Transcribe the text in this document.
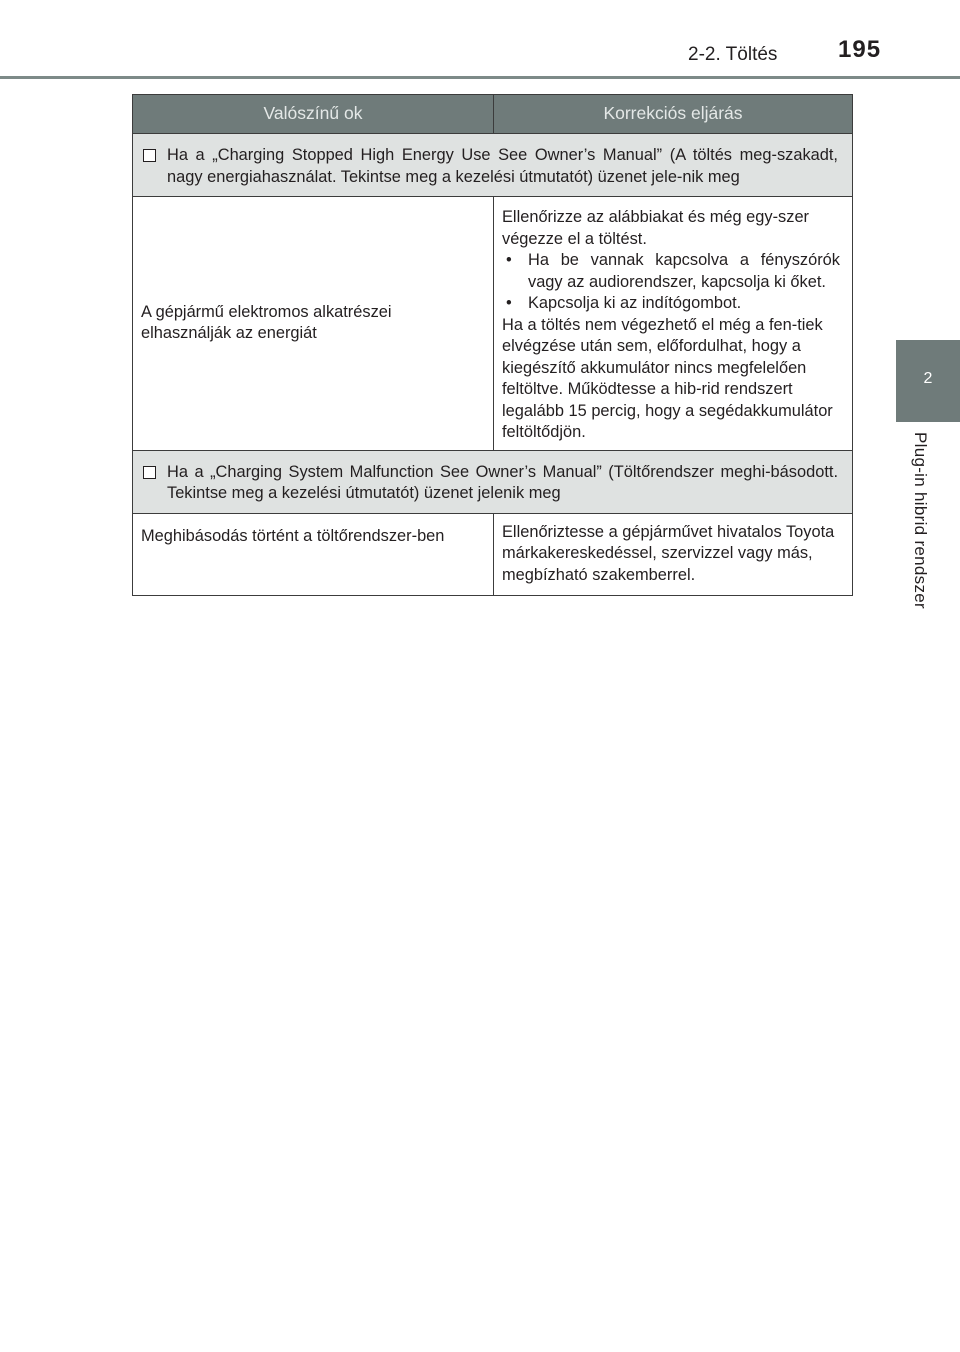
2-2. Töltés	195
2
Plug-in hibrid rendszer
Valószínű ok	Korrekciós eljárás

Ha a „Charging Stopped High Energy Use See Owner’s Manual” (A töltés meg-szakadt, nagy energiahasználat. Tekintse meg a kezelési útmutatót) üzenet jele-nik meg	
A gépjármű elektromos alkatrészei elhasználják az energiát	Ellenőrizze az alábbiakat és még egy-szer végezze el a töltést.
• Ha be vannak kapcsolva a fényszórók vagy az audiorendszer, kapcsolja ki őket.
• Kapcsolja ki az indítógombot.
Ha a töltés nem végezhető el még a fen-tiek elvégzése után sem, előfordulhat, hogy a kiegészítő akkumulátor nincs megfelelően feltöltve. Működtesse a hib-rid rendszert legalább 15 percig, hogy a segédakkumulátor feltöltődjön.

Ha a „Charging System Malfunction See Owner’s Manual” (Töltőrendszer meghi-básodott. Tekintse meg a kezelési útmutatót) üzenet jelenik meg	
Meghibásodás történt a töltőrendszer-ben	Ellenőriztesse a gépjárművet hivatalos Toyota márkakereskedéssel, szervizzel vagy más, megbízható szakemberrel.
